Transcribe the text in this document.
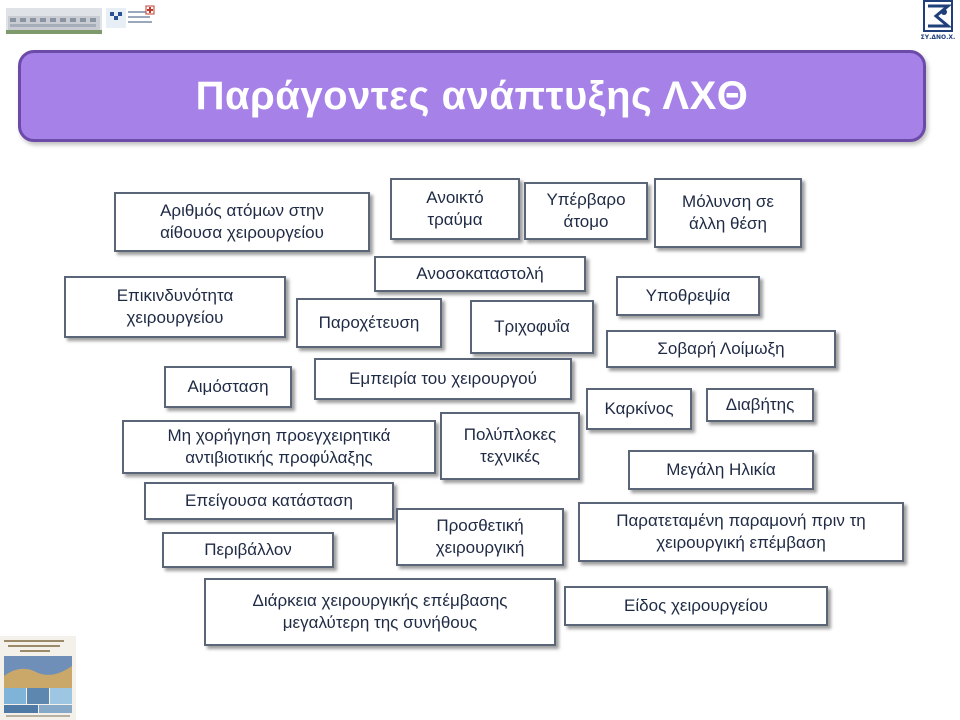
ΣΥ.ΔΝΟ.Χ.
Παράγοντες ανάπτυξης ΛΧΘ
Αριθμός ατόμων στην αίθουσα χειρουργείου
Ανοικτό τραύμα
Υπέρβαρο άτομο
Μόλυνση σε άλλη θέση
Επικινδυνότητα χειρουργείου
Ανοσοκαταστολή
Παροχέτευση	Τριχοφυΐα
Υποθρεψία
Σοβαρή Λοίμωξη
Αιμόσταση	Εμπειρία του χειρουργού
Καρκίνος	Διαβήτης
Μη χορήγηση προεγχειρητικά αντιβιοτικής προφύλαξης
Πολύπλοκες τεχνικές
Μεγάλη Ηλικία
Επείγουσα κατάσταση
Προσθετική χειρουργική
Παρατεταμένη παραμονή πριν τη χειρουργική επέμβαση
Περιβάλλον
Διάρκεια χειρουργικής επέμβασης μεγαλύτερη της συνήθους
Είδος χειρουργείου
